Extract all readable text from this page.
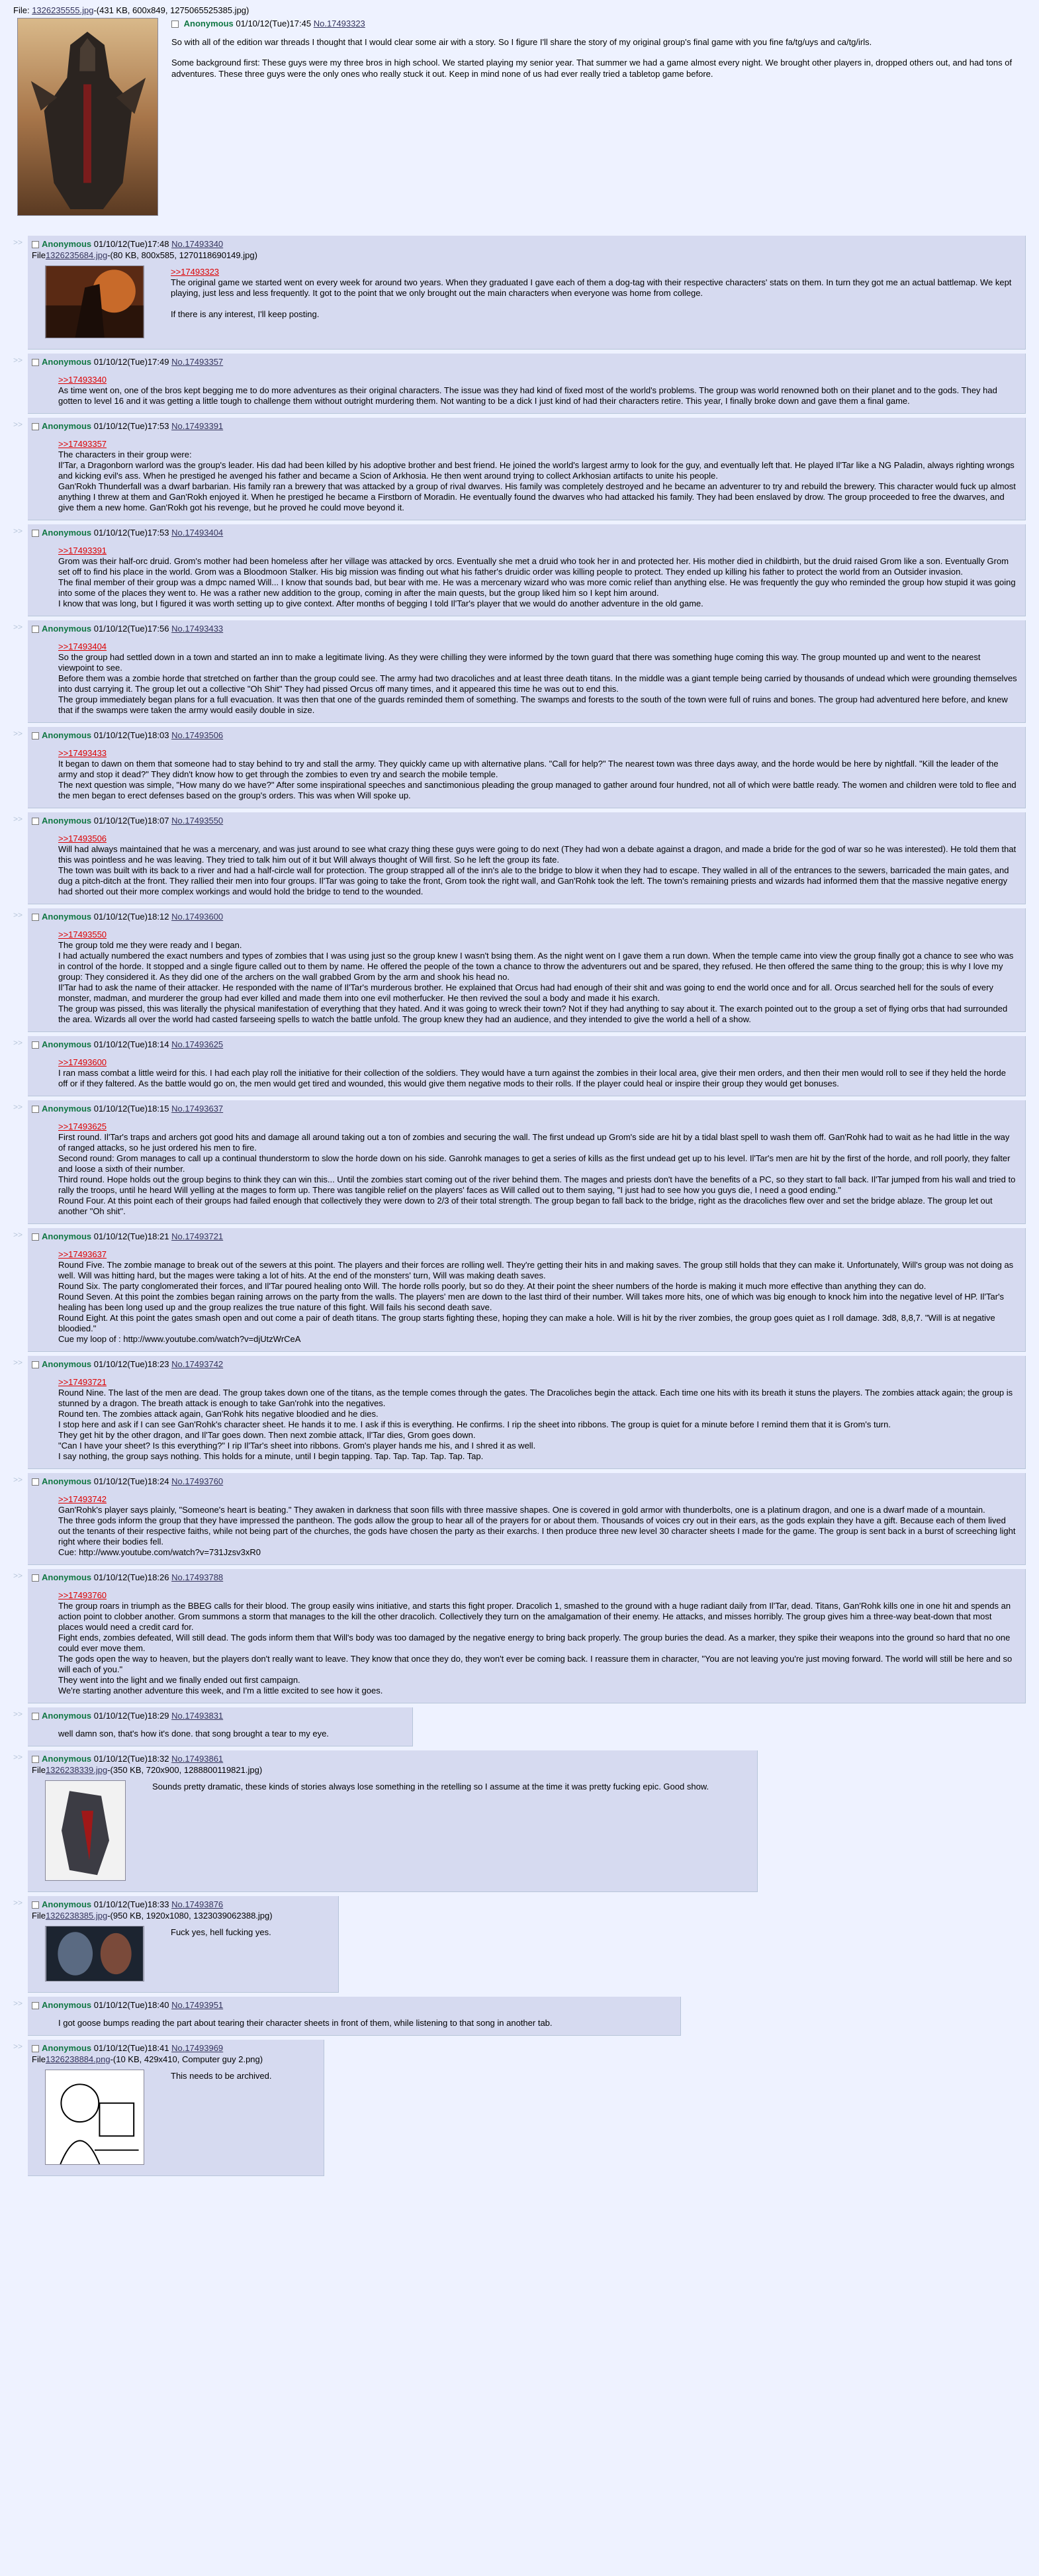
File: 1326235555.jpg-(431 KB, 600x849, 1275065525385.jpg)
Anonymous 01/10/12(Tue)17:45 No.17493323

So with all of the edition war threads I thought that I would clear some air with a story. So I figure I'll share the story of my original group's final game with you fine fa/tg/uys and ca/tg/irls.

Some background first: These guys were my three bros in high school. We started playing my senior year. That summer we had a game almost every night. We brought other players in, dropped others out, and had tons of adventures. These three guys were the only ones who really stuck it out. Keep in mind none of us had ever really tried a tabletop game before.

>>	Anonymous 01/10/12(Tue)17:48 No.17493340
File1326235684.jpg-(80 KB, 800x585, 1270118690149.jpg)
>>17493323

The original game we started went on every week for around two years. When they graduated I gave each of them a dog-tag with their respective characters' stats on them. In turn they got me an actual battlemap. We kept playing, just less and less frequently. It got to the point that we only brought out the main characters when everyone was home from college.

If there is any interest, I'll keep posting.

>>	Anonymous 01/10/12(Tue)17:49 No.17493357
>>17493340

As time went on, one of the bros kept begging me to do more adventures as their original characters. The issue was they had kind of fixed most of the world's problems. The group was world renowned both on their planet and to the gods. They had gotten to level 16 and it was getting a little tough to challenge them without outright murdering them. Not wanting to be a dick I just kind of had their characters retire. This year, I finally broke down and gave them a final game.

>>	Anonymous 01/10/12(Tue)17:53 No.17493391
>>17493357

The characters in their group were:

Il'Tar, a Dragonborn warlord was the group's leader. His dad had been killed by his adoptive brother and best friend. He joined the world's largest army to look for the guy, and eventually left that. He played Il'Tar like a NG Paladin, always righting wrongs and kicking evil's ass. When he prestiged he avenged his father and became a Scion of Arkhosia. He then went around trying to collect Arkhosian artifacts to unite his people.

Gan'Rokh Thunderfall was a dwarf barbarian. His family ran a brewery that was attacked by a group of rival dwarves. His family was completely destroyed and he became an adventurer to try and rebuild the brewery. This character would fuck up almost anything I threw at them and Gan'Rokh enjoyed it. When he prestiged he became a Firstborn of Moradin. He eventually found the dwarves who had attacked his family. They had been enslaved by drow. The group proceeded to free the dwarves, and give them a new home. Gan'Rokh got his revenge, but he proved he could move beyond it.

>>	Anonymous 01/10/12(Tue)17:53 No.17493404
>>17493391

Grom was their half-orc druid. Grom's mother had been homeless after her village was attacked by orcs. Eventually she met a druid who took her in and protected her. His mother died in childbirth, but the druid raised Grom like a son. Eventually Grom set off to find his place in the world. Grom was a Bloodmoon Stalker. His big mission was finding out what his father's druidic order was killing people to protect. They ended up killing his father to protect the world from an Outsider invasion.

The final member of their group was a dmpc named Will... I know that sounds bad, but bear with me. He was a mercenary wizard who was more comic relief than anything else. He was frequently the guy who reminded the group how stupid it was going into some of the places they went to. He was a rather new addition to the group, coming in after the main quests, but the group liked him so I kept him around.

I know that was long, but I figured it was worth setting up to give context. After months of begging I told Il'Tar's player that we would do another adventure in the old game.

>>	Anonymous 01/10/12(Tue)17:56 No.17493433
>>17493404

So the group had settled down in a town and started an inn to make a legitimate living. As they were chilling they were informed by the town guard that there was something huge coming this way. The group mounted up and went to the nearest viewpoint to see.

Before them was a zombie horde that stretched on farther than the group could see. The army had two dracoliches and at least three death titans. In the middle was a giant temple being carried by thousands of undead which were grounding themselves into dust carrying it. The group let out a collective "Oh Shit" They had pissed Orcus off many times, and it appeared this time he was out to end this.

The group immediately began plans for a full evacuation. It was then that one of the guards reminded them of something. The swamps and forests to the south of the town were full of ruins and bones. The group had adventured here before, and knew that if the swamps were taken the army would easily double in size.

>>	Anonymous 01/10/12(Tue)18:03 No.17493506
>>17493433

It began to dawn on them that someone had to stay behind to try and stall the army. They quickly came up with alternative plans. "Call for help?" The nearest town was three days away, and the horde would be here by nightfall. "Kill the leader of the army and stop it dead?" They didn't know how to get through the zombies to even try and search the mobile temple.

The next question was simple, "How many do we have?" After some inspirational speeches and sanctimonious pleading the group managed to gather around four hundred, not all of which were battle ready. The women and children were told to flee and the men began to erect defenses based on the group's orders. This was when Will spoke up.

>>	Anonymous 01/10/12(Tue)18:07 No.17493550
>>17493506

Will had always maintained that he was a mercenary, and was just around to see what crazy thing these guys were going to do next (They had won a debate against a dragon, and made a bride for the god of war so he was interested). He told them that this was pointless and he was leaving. They tried to talk him out of it but Will always thought of Will first. So he left the group its fate.

The town was built with its back to a river and had a half-circle wall for protection. The group strapped all of the inn's ale to the bridge to blow it when they had to escape. They walled in all of the entrances to the sewers, barricaded the main gates, and dug a pitch-ditch at the front. They rallied their men into four groups. Il'Tar was going to take the front, Grom took the right wall, and Gan'Rohk took the left. The town's remaining priests and wizards had informed them that the massive negative energy had shorted out their more complex workings and would hold the bridge to tend to the wounded.

>>	Anonymous 01/10/12(Tue)18:12 No.17493600
>>17493550

The group told me they were ready and I began.

I had actually numbered the exact numbers and types of zombies that I was using just so the group knew I wasn't bsing them. As the night went on I gave them a run down. When the temple came into view the group finally got a chance to see who was in control of the horde. It stopped and a single figure called out to them by name. He offered the people of the town a chance to throw the adventurers out and be spared, they refused. He then offered the same thing to the group; this is why I love my group: They considered it. As they did one of the archers on the wall grabbed Grom by the arm and shook his head no.

Il'Tar had to ask the name of their attacker. He responded with the name of Il'Tar's murderous brother. He explained that Orcus had had enough of their shit and was going to end the world once and for all. Orcus searched hell for the souls of every monster, madman, and murderer the group had ever killed and made them into one evil motherfucker. He then revived the soul a body and made it his exarch.

The group was pissed, this was literally the physical manifestation of everything that they hated. And it was going to wreck their town? Not if they had anything to say about it. The exarch pointed out to the group a set of flying orbs that had surrounded the area. Wizards all over the world had casted farseeing spells to watch the battle unfold. The group knew they had an audience, and they intended to give the world a hell of a show.

>>	Anonymous 01/10/12(Tue)18:14 No.17493625
>>17493600

I ran mass combat a little weird for this. I had each play roll the initiative for their collection of the soldiers. They would have a turn against the zombies in their local area, give their men orders, and then their men would roll to see if they held the horde off or if they faltered. As the battle would go on, the men would get tired and wounded, this would give them negative mods to their rolls. If the player could heal or inspire their group they would get bonuses.

>>	Anonymous 01/10/12(Tue)18:15 No.17493637
>>17493625

First round. Il'Tar's traps and archers got good hits and damage all around taking out a ton of zombies and securing the wall. The first undead up Grom's side are hit by a tidal blast spell to wash them off. Gan'Rohk had to wait as he had little in the way of ranged attacks, so he just ordered his men to fire.

Second round: Grom manages to call up a continual thunderstorm to slow the horde down on his side. Ganrohk manages to get a series of kills as the first undead get up to his level. Il'Tar's men are hit by the first of the horde, and roll poorly, they falter and loose a sixth of their number.

Third round. Hope holds out the group begins to think they can win this... Until the zombies start coming out of the river behind them. The mages and priests don't have the benefits of a PC, so they start to fall back. Il'Tar jumped from his wall and tried to rally the troops, until he heard Will yelling at the mages to form up. There was tangible relief on the players' faces as Will called out to them saying, "I just had to see how you guys die, I need a good ending."

Round Four. At this point each of their groups had failed enough that collectively they were down to 2/3 of their total strength. The group began to fall back to the bridge, right as the dracoliches flew over and set the bridge ablaze. The group let out another "Oh shit".

>>	Anonymous 01/10/12(Tue)18:21 No.17493721
>>17493637

Round Five. The zombie manage to break out of the sewers at this point. The players and their forces are rolling well. They're getting their hits in and making saves. The group still holds that they can make it. Unfortunately, Will's group was not doing as well. Will was hitting hard, but the mages were taking a lot of hits. At the end of the monsters' turn, Will was making death saves.

Round Six. The party conglomerated their forces, and Il'Tar poured healing onto Will. The horde rolls poorly, but so do they. At their point the sheer numbers of the horde is making it much more effective than anything they can do.

Round Seven. At this point the zombies began raining arrows on the party from the walls. The players' men are down to the last third of their number. Will takes more hits, one of which was big enough to knock him into the negative level of HP. Il'Tar's healing has been long used up and the group realizes the true nature of this fight. Will fails his second death save.

Round Eight. At this point the gates smash open and out come a pair of death titans. The group starts fighting these, hoping they can make a hole. Will is hit by the river zombies, the group goes quiet as I roll damage. 3d8, 8,8,7. "Will is at negative bloodied."

Cue my loop of : http://www.youtube.com/watch?v=djUtzWrCeA

>>	Anonymous 01/10/12(Tue)18:23 No.17493742
>>17493721

Round Nine. The last of the men are dead. The group takes down one of the titans, as the temple comes through the gates. The Dracoliches begin the attack. Each time one hits with its breath it stuns the players. The zombies attack again; the group is stunned by a dragon. The breath attack is enough to take Gan'rohk into the negatives.

Round ten. The zombies attack again, Gan'Rohk hits negative bloodied and he dies.

I stop here and ask if I can see Gan'Rohk's character sheet. He hands it to me. I ask if this is everything. He confirms. I rip the sheet into ribbons. The group is quiet for a minute before I remind them that it is Grom's turn.

They get hit by the other dragon, and Il'Tar goes down. Then next zombie attack, Il'Tar dies, Grom goes down.

"Can I have your sheet? Is this everything?" I rip Il'Tar's sheet into ribbons. Grom's player hands me his, and I shred it as well.

I say nothing, the group says nothing. This holds for a minute, until I begin tapping. Tap. Tap. Tap. Tap. Tap. Tap.

>>	Anonymous 01/10/12(Tue)18:24 No.17493760
>>17493742

Gan'Rohk's player says plainly, "Someone's heart is beating." They awaken in darkness that soon fills with three massive shapes. One is covered in gold armor with thunderbolts, one is a platinum dragon, and one is a dwarf made of a mountain.

The three gods inform the group that they have impressed the pantheon. The gods allow the group to hear all of the prayers for or about them. Thousands of voices cry out in their ears, as the gods explain they have a gift. Because each of them lived out the tenants of their respective faiths, while not being part of the churches, the gods have chosen the party as their exarchs. I then produce three new level 30 character sheets I made for the game. The group is sent back in a burst of screeching light right where their bodies fell.

Cue: http://www.youtube.com/watch?v=731Jzsv3xR0

>>	Anonymous 01/10/12(Tue)18:26 No.17493788
>>17493760

The group roars in triumph as the BBEG calls for their blood. The group easily wins initiative, and starts this fight proper. Dracolich 1, smashed to the ground with a huge radiant daily from Il'Tar, dead. Titans, Gan'Rohk kills one in one hit and spends an action point to clobber another. Grom summons a storm that manages to the kill the other dracolich. Collectively they turn on the amalgamation of their enemy. He attacks, and misses horribly. The group gives him a three-way beat-down that most places would need a credit card for.

Fight ends, zombies defeated, Will still dead. The gods inform them that Will's body was too damaged by the negative energy to bring back properly. The group buries the dead. As a marker, they spike their weapons into the ground so hard that no one could ever move them.

The gods open the way to heaven, but the players don't really want to leave. They know that once they do, they won't ever be coming back. I reassure them in character, "You are not leaving you're just moving forward. The world will still be here and so will each of you."

They went into the light and we finally ended out first campaign.

We're starting another adventure this week, and I'm a little excited to see how it goes.

>>	Anonymous 01/10/12(Tue)18:29 No.17493831

well damn son, that's how it's done. that song brought a tear to my eye.

>>	Anonymous 01/10/12(Tue)18:32 No.17493861
File1326238339.jpg-(350 KB, 720x900, 1288800119821.jpg)

Sounds pretty dramatic, these kinds of stories always lose something in the retelling so I assume at the time it was pretty fucking epic. Good show.

>>	Anonymous 01/10/12(Tue)18:33 No.17493876
File1326238385.jpg-(950 KB, 1920x1080, 1323039062388.jpg)

Fuck yes, hell fucking yes.

>>	Anonymous 01/10/12(Tue)18:40 No.17493951

I got goose bumps reading the part about tearing their character sheets in front of them, while listening to that song in another tab.

>>	Anonymous 01/10/12(Tue)18:41 No.17493969
File1326238884.png-(10 KB, 429x410, Computer guy 2.png)

This needs to be archived.
